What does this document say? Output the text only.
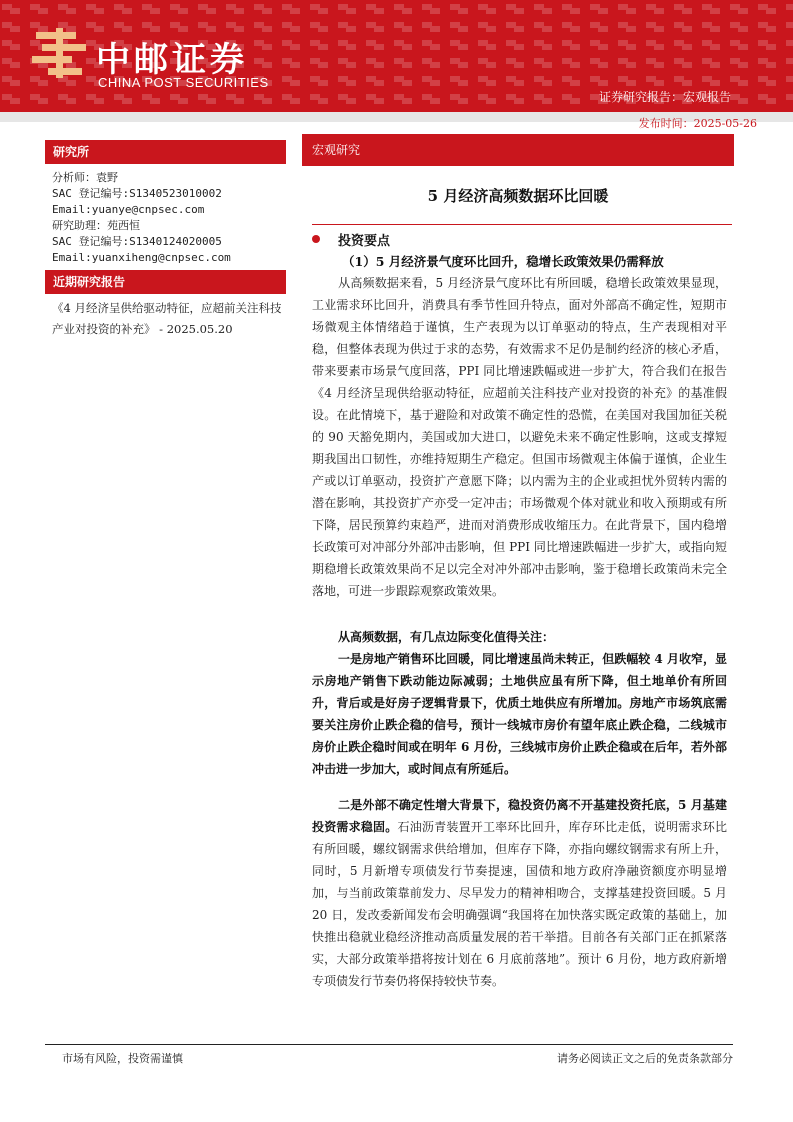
中邮证券
CHINA POST SECURITIES
证券研究报告：宏观报告
发布时间：2025-05-26
研究所
分析师：袁野
SAC 登记编号:S1340523010002
Email:yuanye@cnpsec.com
研究助理：苑西恒
SAC 登记编号:S1340124020005
Email:yuanxiheng@cnpsec.com
近期研究报告
《4 月经济呈供给驱动特征，应超前关注科技产业对投资的补充》 - 2025.05.20
宏观研究
5 月经济高频数据环比回暖
投资要点
（1）5 月经济景气度环比回升，稳增长政策效果仍需释放
从高频数据来看，5 月经济景气度环比有所回暖，稳增长政策效果显现，工业需求环比回升，消费具有季节性回升特点，面对外部高不确定性，短期市场微观主体情绪趋于谨慎，生产表现为以订单驱动的特点，生产表现相对平稳，但整体表现为供过于求的态势，有效需求不足仍是制约经济的核心矛盾，带来要素市场景气度回落，PPI 同比增速跌幅或进一步扩大，符合我们在报告《4 月经济呈现供给驱动特征，应超前关注科技产业对投资的补充》的基准假设。在此情境下，基于避险和对政策不确定性的恐慌，在美国对我国加征关税的 90 天豁免期内，美国或加大进口，以避免未来不确定性影响，这或支撑短期我国出口韧性，亦维持短期生产稳定。但国市场微观主体偏于谨慎，企业生产或以订单驱动，投资扩产意愿下降；以内需为主的企业或担忧外贸转内需的潜在影响，其投资扩产亦受一定冲击；市场微观个体对就业和收入预期或有所下降，居民预算约束趋严，进而对消费形成收缩压力。在此背景下，国内稳增长政策可对冲部分外部冲击影响，但 PPI 同比增速跌幅进一步扩大，或指向短期稳增长政策效果尚不足以完全对冲外部冲击影响，鉴于稳增长政策尚未完全落地，可进一步跟踪观察政策效果。
从高频数据，有几点边际变化值得关注：
一是房地产销售环比回暖，同比增速虽尚未转正，但跌幅较 4 月收窄，显示房地产销售下跌动能边际减弱；土地供应虽有所下降，但土地单价有所回升，背后或是好房子逻辑背景下，优质土地供应有所增加。房地产市场筑底需要关注房价止跌企稳的信号，预计一线城市房价有望年底止跌企稳，二线城市房价止跌企稳时间或在明年 6 月份，三线城市房价止跌企稳或在后年，若外部冲击进一步加大，或时间点有所延后。
二是外部不确定性增大背景下，稳投资仍离不开基建投资托底，5 月基建投资需求稳固。石油沥青装置开工率环比回升，库存环比走低，说明需求环比有所回暖，螺纹钢需求供给增加，但库存下降，亦指向螺纹钢需求有所上升，同时，5 月新增专项债发行节奏提速，国债和地方政府净融资额度亦明显增加，与当前政策靠前发力、尽早发力的精神相吻合，支撑基建投资回暖。5 月 20 日，发改委新闻发布会明确强调“我国将在加快落实既定政策的基础上，加快推出稳就业稳经济推动高质量发展的若干举措。目前各有关部门正在抓紧落实，大部分政策举措将按计划在 6 月底前落地”。预计 6 月份，地方政府新增专项债发行节奏仍将保持较快节奏。
市场有风险，投资需谨慎	请务必阅读正文之后的免责条款部分
